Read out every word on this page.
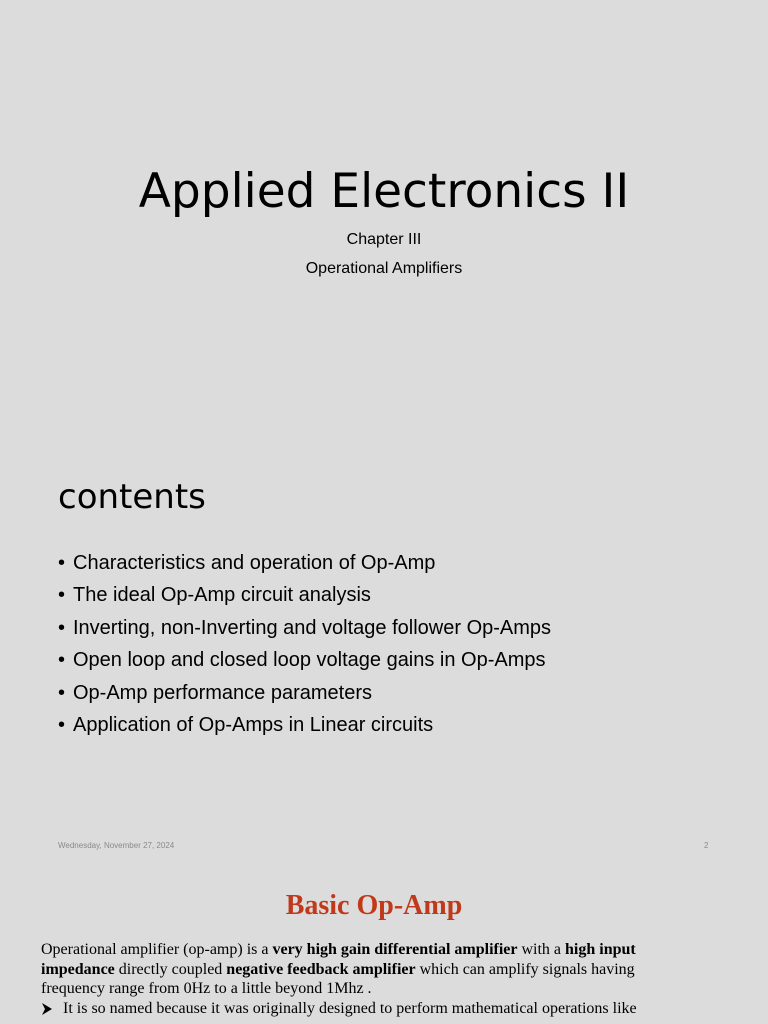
Applied Electronics II
Chapter III
Operational Amplifiers
contents
• Characteristics and operation of Op-Amp
• The ideal Op-Amp circuit analysis
• Inverting, non-Inverting and voltage follower Op-Amps
• Open loop and closed loop voltage gains in Op-Amps
• Op-Amp performance parameters
• Application of Op-Amps in Linear circuits
Wednesday, November 27, 2024	2
Basic Op-Amp

Operational amplifier (op-amp) is a very high gain differential amplifier with a high input impedance directly coupled negative feedback amplifier which can amplify signals having frequency range from 0Hz to a little beyond 1Mhz .

It is so named because it was originally designed to perform mathematical operations like
